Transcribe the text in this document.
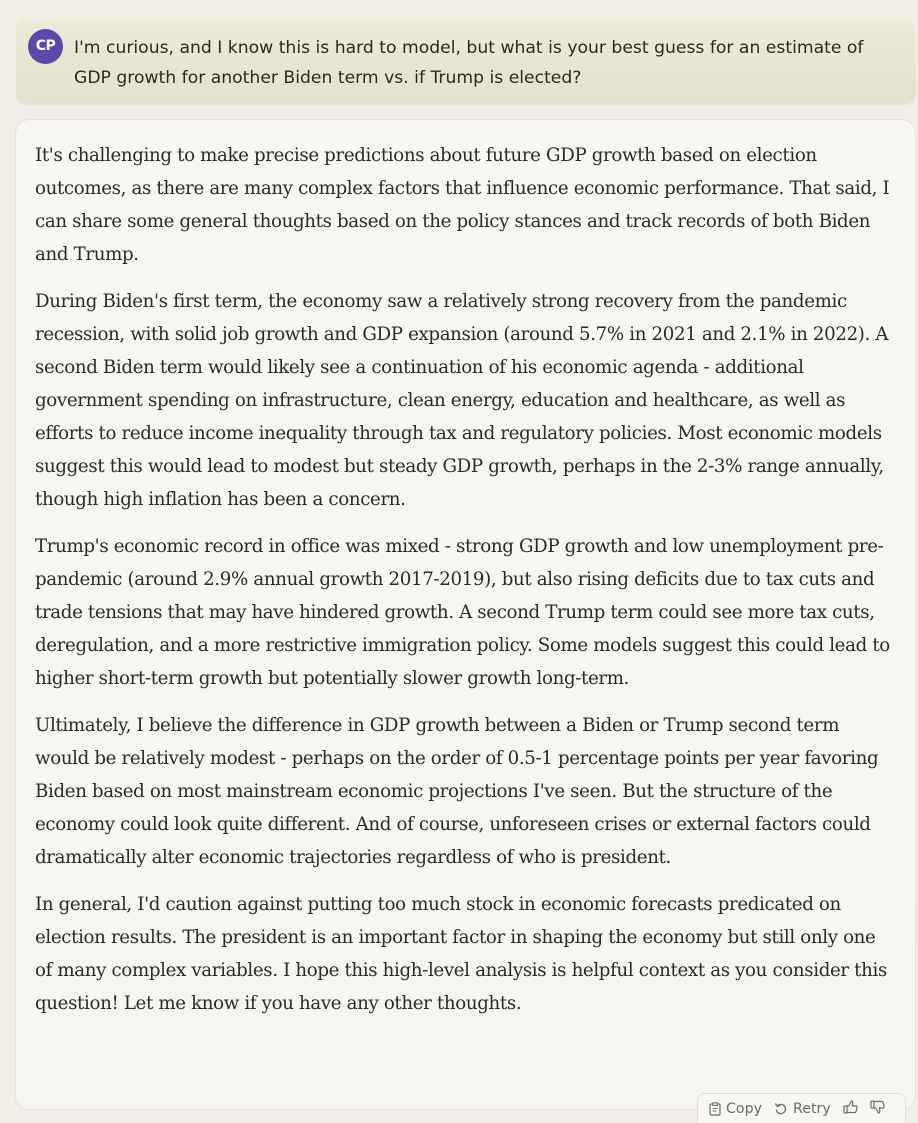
CP	I'm curious, and I know this is hard to model, but what is your best guess for an estimate of GDP growth for another Biden term vs. if Trump is elected?

It's challenging to make precise predictions about future GDP growth based on election outcomes, as there are many complex factors that influence economic performance. That said, I can share some general thoughts based on the policy stances and track records of both Biden and Trump.

During Biden's first term, the economy saw a relatively strong recovery from the pandemic recession, with solid job growth and GDP expansion (around 5.7% in 2021 and 2.1% in 2022). A second Biden term would likely see a continuation of his economic agenda - additional government spending on infrastructure, clean energy, education and healthcare, as well as efforts to reduce income inequality through tax and regulatory policies. Most economic models suggest this would lead to modest but steady GDP growth, perhaps in the 2-3% range annually, though high inflation has been a concern.

Trump's economic record in office was mixed - strong GDP growth and low unemployment pre-pandemic (around 2.9% annual growth 2017-2019), but also rising deficits due to tax cuts and trade tensions that may have hindered growth. A second Trump term could see more tax cuts, deregulation, and a more restrictive immigration policy. Some models suggest this could lead to higher short-term growth but potentially slower growth long-term.

Ultimately, I believe the difference in GDP growth between a Biden or Trump second term would be relatively modest - perhaps on the order of 0.5-1 percentage points per year favoring Biden based on most mainstream economic projections I've seen. But the structure of the economy could look quite different. And of course, unforeseen crises or external factors could dramatically alter economic trajectories regardless of who is president.

In general, I'd caution against putting too much stock in economic forecasts predicated on election results. The president is an important factor in shaping the economy but still only one of many complex variables. I hope this high-level analysis is helpful context as you consider this question! Let me know if you have any other thoughts.

Copy Retry
